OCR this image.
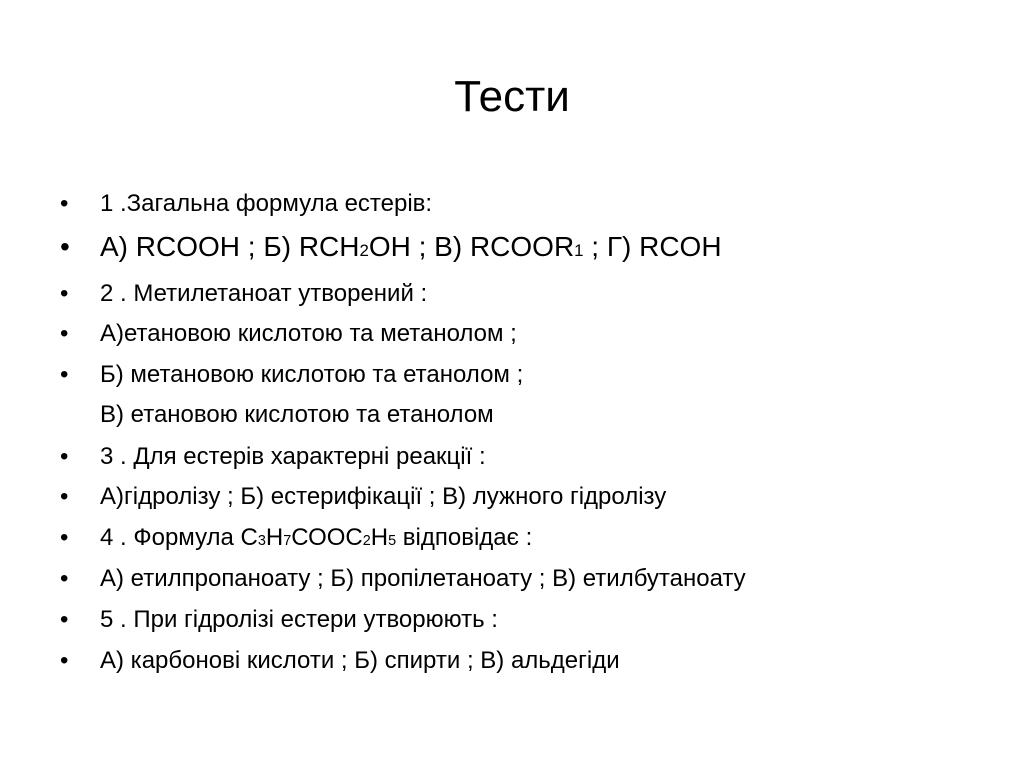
Тести
•	1 .Загальна формула естерів:
•	А) RCOOH ; Б) RCH2OH ; В) RCOOR1 ; Г) RCOH
•	2 . Метилетаноат утворений :
•	А)етановою кислотою та метанолом ;
•	Б) метановою кислотою та етанолом ;
В) етановою кислотою та етанолом
•	3 . Для естерів характерні реакції :
•	А)гідролізу ; Б) естерифікації ; В) лужного гідролізу
•	4 . Формула С3Н7СООС2Н5 відповідає :
•	А) етилпропаноату ; Б) пропілетаноату ; В) етилбутаноату
•	5 . При гідролізі естери утворюють :
•	А) карбонові кислоти ; Б) спирти ; В) альдегіди
